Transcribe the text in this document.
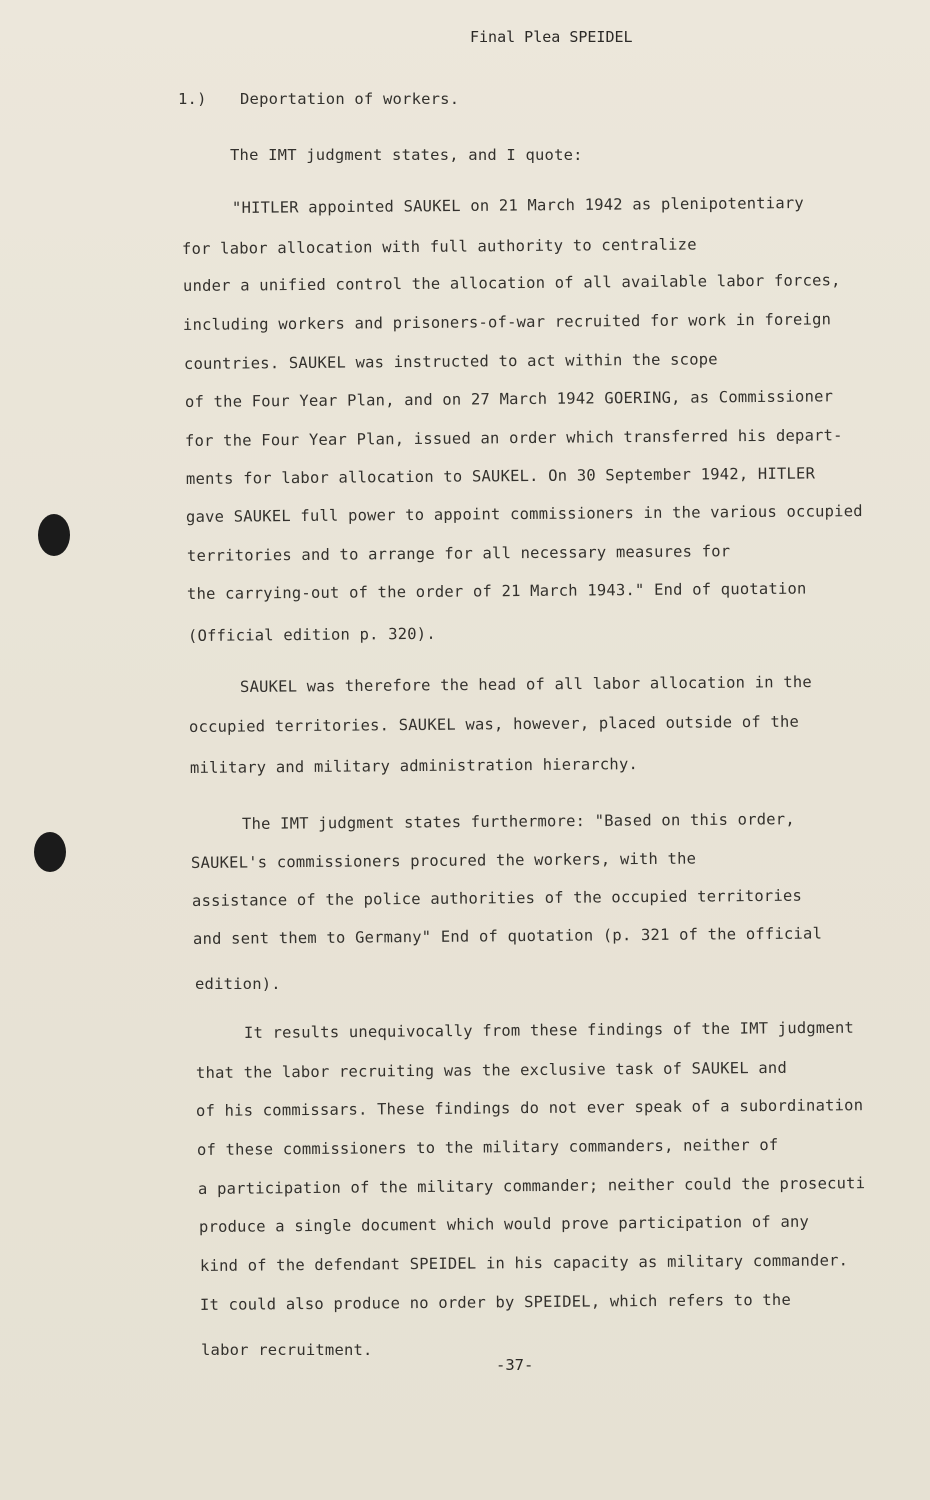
Final Plea SPEIDEL
1.) Deportation of workers.
The IMT judgment states, and I quote:
"HITLER appointed SAUKEL on 21 March 1942 as plenipotentiary
for labor allocation with full authority to centralize
under a unified control the allocation of all available labor forces,
including workers and prisoners-of-war recruited for work in foreign
countries. SAUKEL was instructed to act within the scope
of the Four Year Plan, and on 27 March 1942 GOERING, as Commissioner
for the Four Year Plan, issued an order which transferred his depart-
ments for labor allocation to SAUKEL. On 30 September 1942, HITLER
gave SAUKEL full power to appoint commissioners in the various occupied
territories and to arrange for all necessary measures for
the carrying-out of the order of 21 March 1943." End of quotation
(Official edition p. 320).
SAUKEL was therefore the head of all labor allocation in the
occupied territories. SAUKEL was, however, placed outside of the
military and military administration hierarchy.
The IMT judgment states furthermore: "Based on this order,
SAUKEL's commissioners procured the workers, with the
assistance of the police authorities of the occupied territories
and sent them to Germany" End of quotation (p. 321 of the official
edition).
It results unequivocally from these findings of the IMT judgment
that the labor recruiting was the exclusive task of SAUKEL and
of his commissars. These findings do not ever speak of a subordination
of these commissioners to the military commanders, neither of
a participation of the military commander; neither could the prosecuti
produce a single document which would prove participation of any
kind of the defendant SPEIDEL in his capacity as military commander.
It could also produce no order by SPEIDEL, which refers to the
labor recruitment.
-37-
